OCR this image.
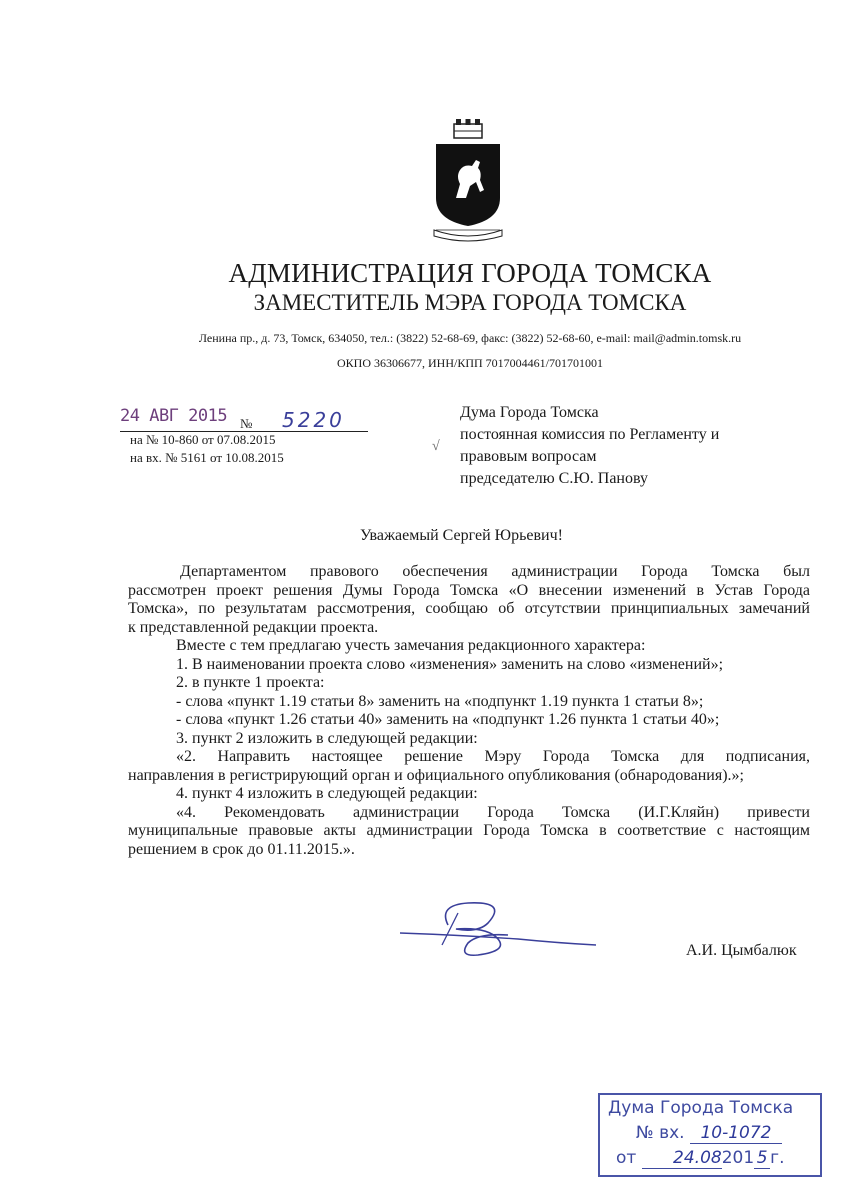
АДМИНИСТРАЦИЯ ГОРОДА ТОМСКА
ЗАМЕСТИТЕЛЬ МЭРА ГОРОДА ТОМСКА
Ленина пр., д. 73, Томск, 634050, тел.: (3822) 52-68-69, факс: (3822) 52-68-60, e-mail: mail@admin.tomsk.ru
ОКПО 36306677, ИНН/КПП 7017004461/701701001
24 АВГ 2015 № 5220
на № 10-860 от 07.08.2015
на вх. № 5161 от 10.08.2015
√
Дума Города Томска
постоянная комиссия по Регламенту и
правовым вопросам
председателю С.Ю. Панову
Уважаемый Сергей Юрьевич!

Департаментом правового обеспечения администрации Города Томска был

рассмотрен проект решения Думы Города Томска «О внесении изменений в Устав Города

Томска», по результатам рассмотрения, сообщаю об отсутствии принципиальных замечаний

к представленной редакции проекта.

Вместе с тем предлагаю учесть замечания редакционного характера:

1. В наименовании проекта слово «изменения» заменить на слово «изменений»;

2. в пункте 1 проекта:

- слова «пункт 1.19 статьи 8» заменить на «подпункт 1.19 пункта 1 статьи 8»;

- слова «пункт 1.26 статьи 40» заменить на «подпункт 1.26 пункта 1 статьи 40»;

3. пункт 2 изложить в следующей редакции:

«2. Направить настоящее решение Мэру Города Томска для подписания,

направления в регистрирующий орган и официального опубликования (обнародования).»;

4. пункт 4 изложить в следующей редакции:

«4. Рекомендовать администрации Города Томска (И.Г.Кляйн) привести

муниципальные правовые акты администрации Города Томска в соответствие с настоящим

решением в срок до 01.11.2015.».

А.И. Цымбалюк
Дума Города Томска
№ вх. 10-1072
от 24.08201 5 г.
